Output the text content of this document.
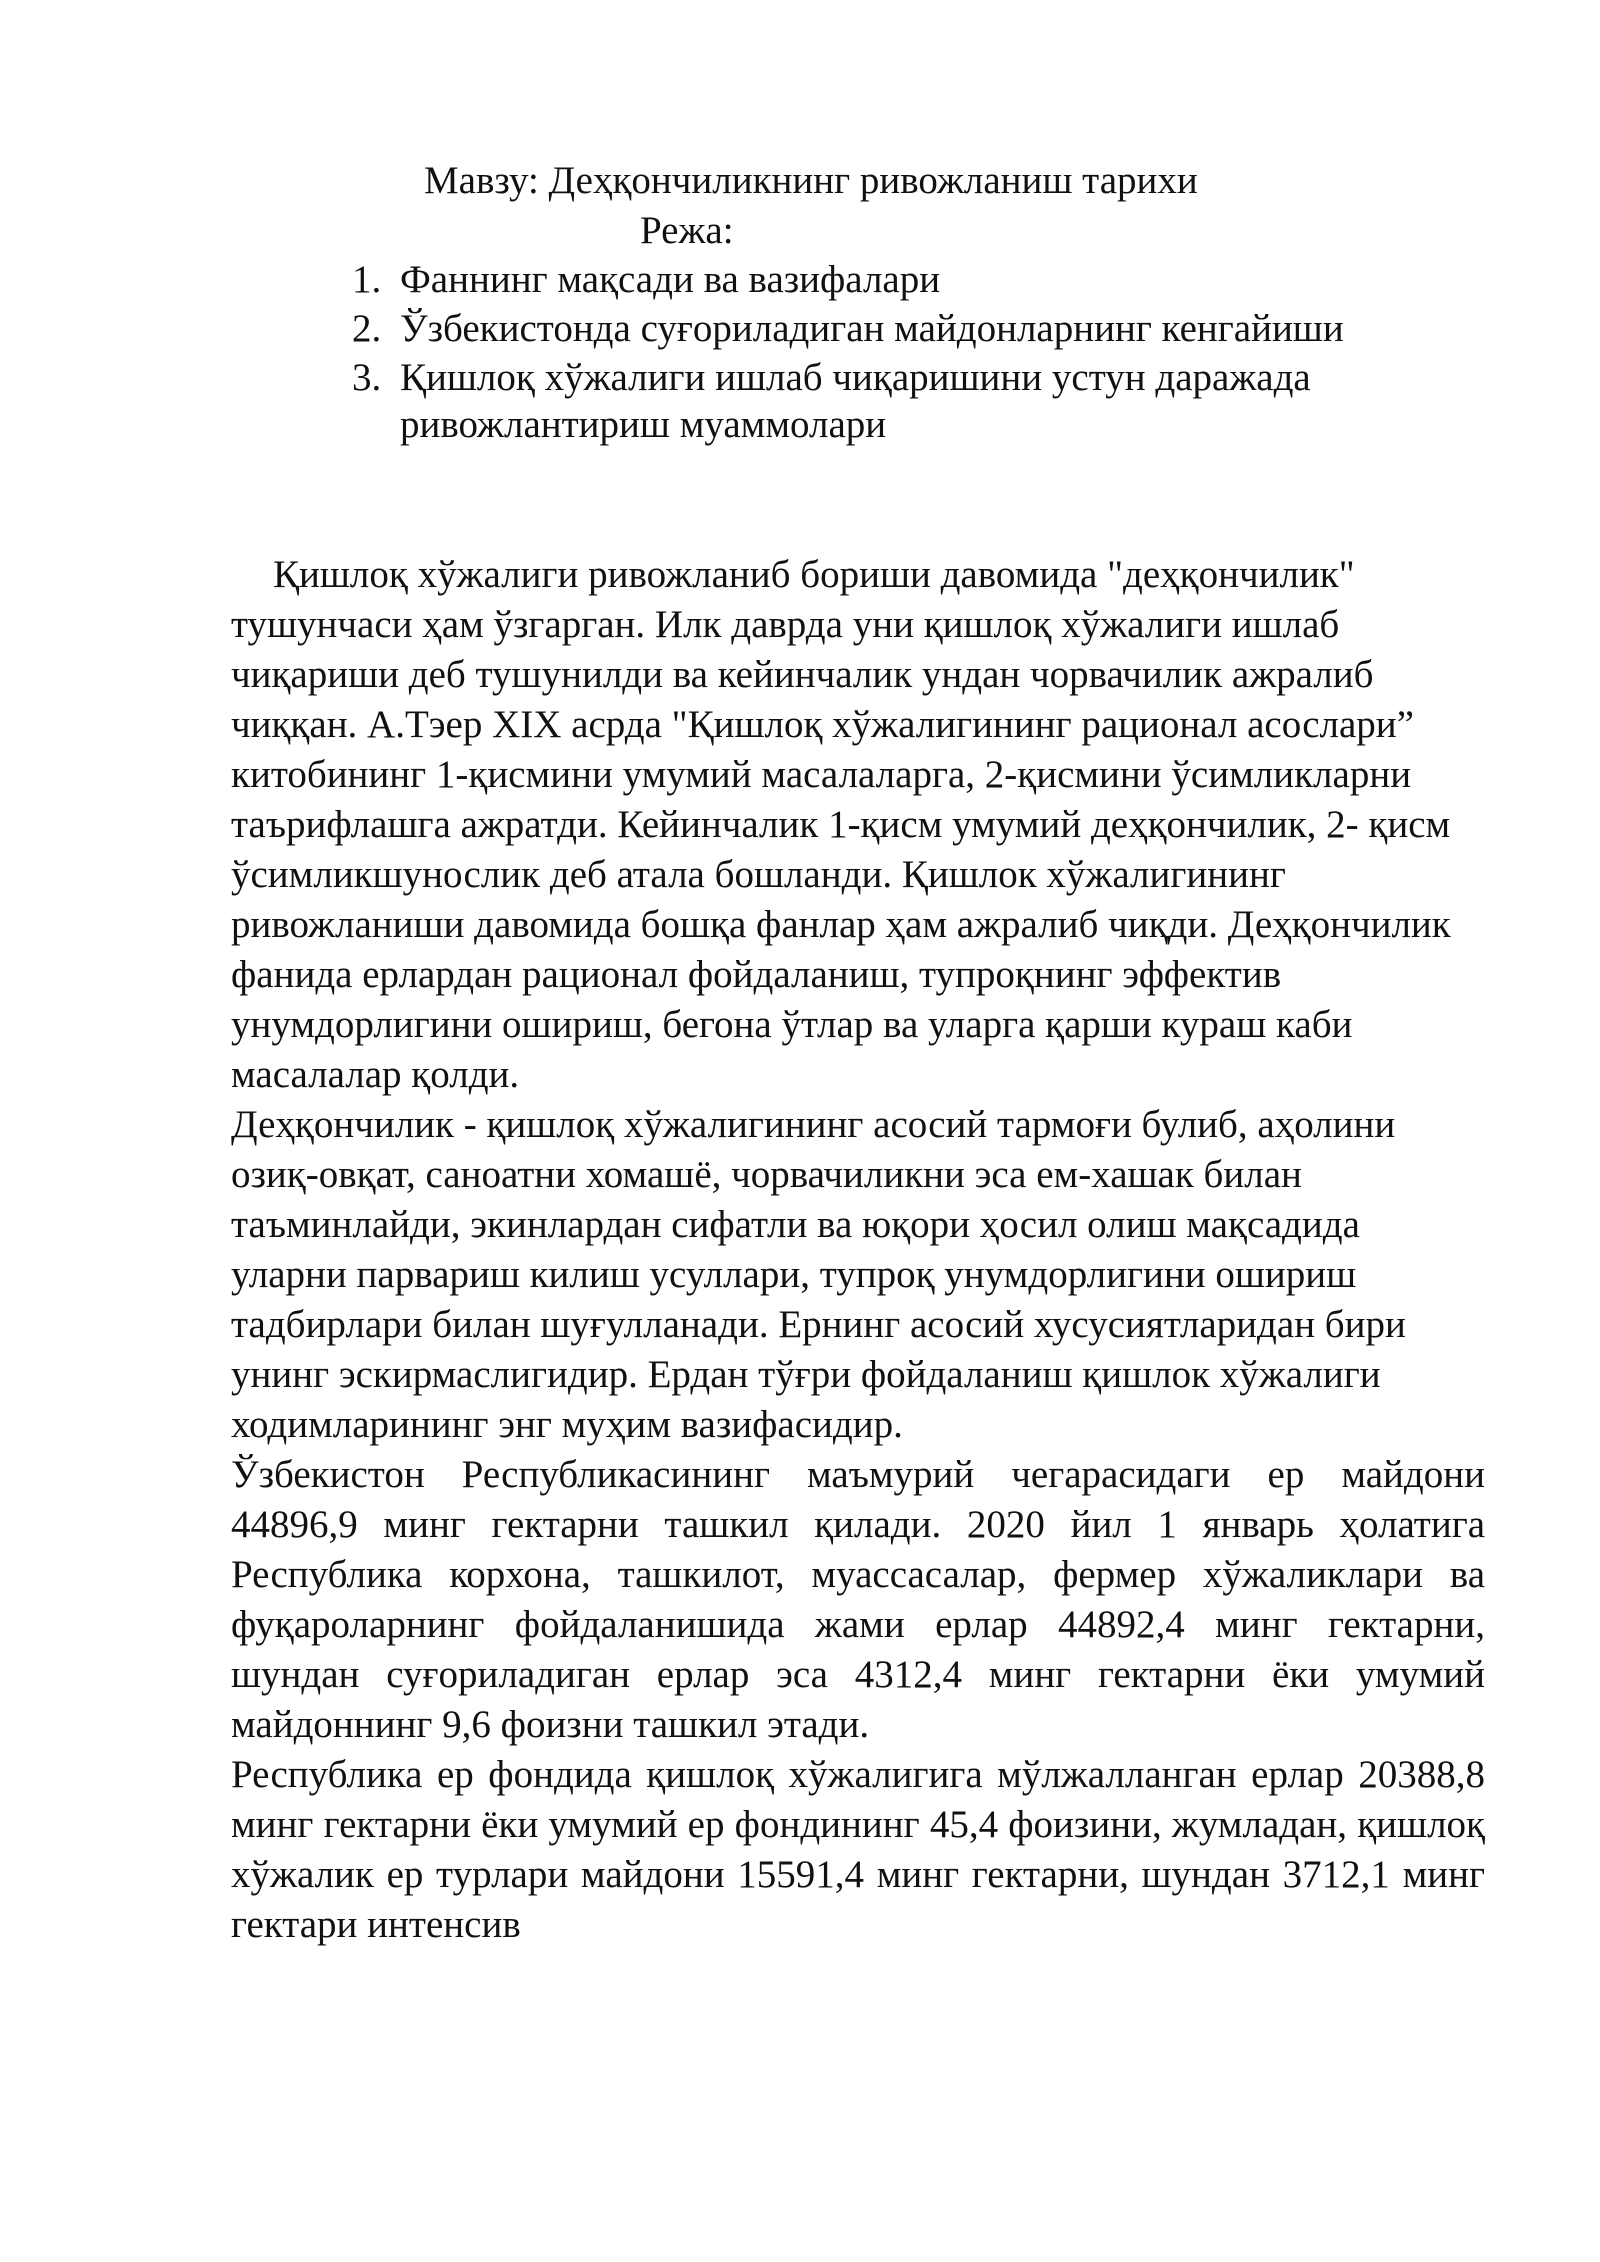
Мавзу: Деҳқончиликнинг ривожланиш тарихи
Режа:
1. Фаннинг мақсади ва вазифалари
2. Ўзбекистонда суғориладиган майдонларнинг кенгайиши
3. Қишлоқ хўжалиги ишлаб чиқаришини устун даражада ривожлантириш муаммолари

Қишлоқ хўжалиги ривожланиб бориши давомида "деҳқончилик" тушунчаси ҳам ўзгарган. Илк даврда уни қишлоқ хўжалиги ишлаб чиқариши деб тушунилди ва кейинчалик ундан чорвачилик ажралиб чиққан. А.Тэер XIX асрда "Қишлоқ хўжалигининг рационал асослари” китобининг 1-қисмини умумий масалаларга, 2-қисмини ўсимликларни таърифлашга ажратди. Кейинчалик 1-қисм умумий деҳқончилик, 2- қисм ўсимликшунослик деб атала бошланди. Қишлок хўжалигининг ривожланиши давомида бошқа фанлар ҳам ажралиб чиқди. Деҳқончилик фанида ерлардан рационал фойдаланиш, тупроқнинг эффектив унумдорлигини ошириш, бегона ўтлар ва уларга қарши кураш каби масалалар қолди.

Деҳқончилик - қишлоқ хўжалигининг асосий тармоғи булиб, аҳолини озиқ-овқат, саноатни хомашё, чорвачиликни эса ем-хашак билан таъминлайди, экинлардан сифатли ва юқори ҳосил олиш мақсадида уларни парвариш килиш усуллари, тупроқ унумдорлигини ошириш тадбирлари билан шуғулланади. Ернинг асосий хусусиятларидан бири унинг эскирмаслигидир. Ердан тўғри фойдаланиш қишлок хўжалиги ходимларининг энг муҳим вазифасидир.

Ўзбекистон Республикасининг маъмурий чегарасидаги ер майдони 44896,9 минг гектарни ташкил қилади. 2020 йил 1 январь ҳолатига Республика корхона, ташкилот, муассасалар, фермер хўжаликлари ва фуқароларнинг фойдаланишида жами ерлар 44892,4 минг гектарни, шундан суғориладиган ерлар эса 4312,4 минг гектарни ёки умумий майдоннинг 9,6 фоизни ташкил этади.

Республика ер фондида қишлоқ хўжалигига мўлжалланган ерлар 20388,8 минг гектарни ёки умумий ер фондининг 45,4 фоизини, жумладан, қишлоқ хўжалик ер турлари майдони 15591,4 минг гектарни, шундан 3712,1 минг гектари интенсив
